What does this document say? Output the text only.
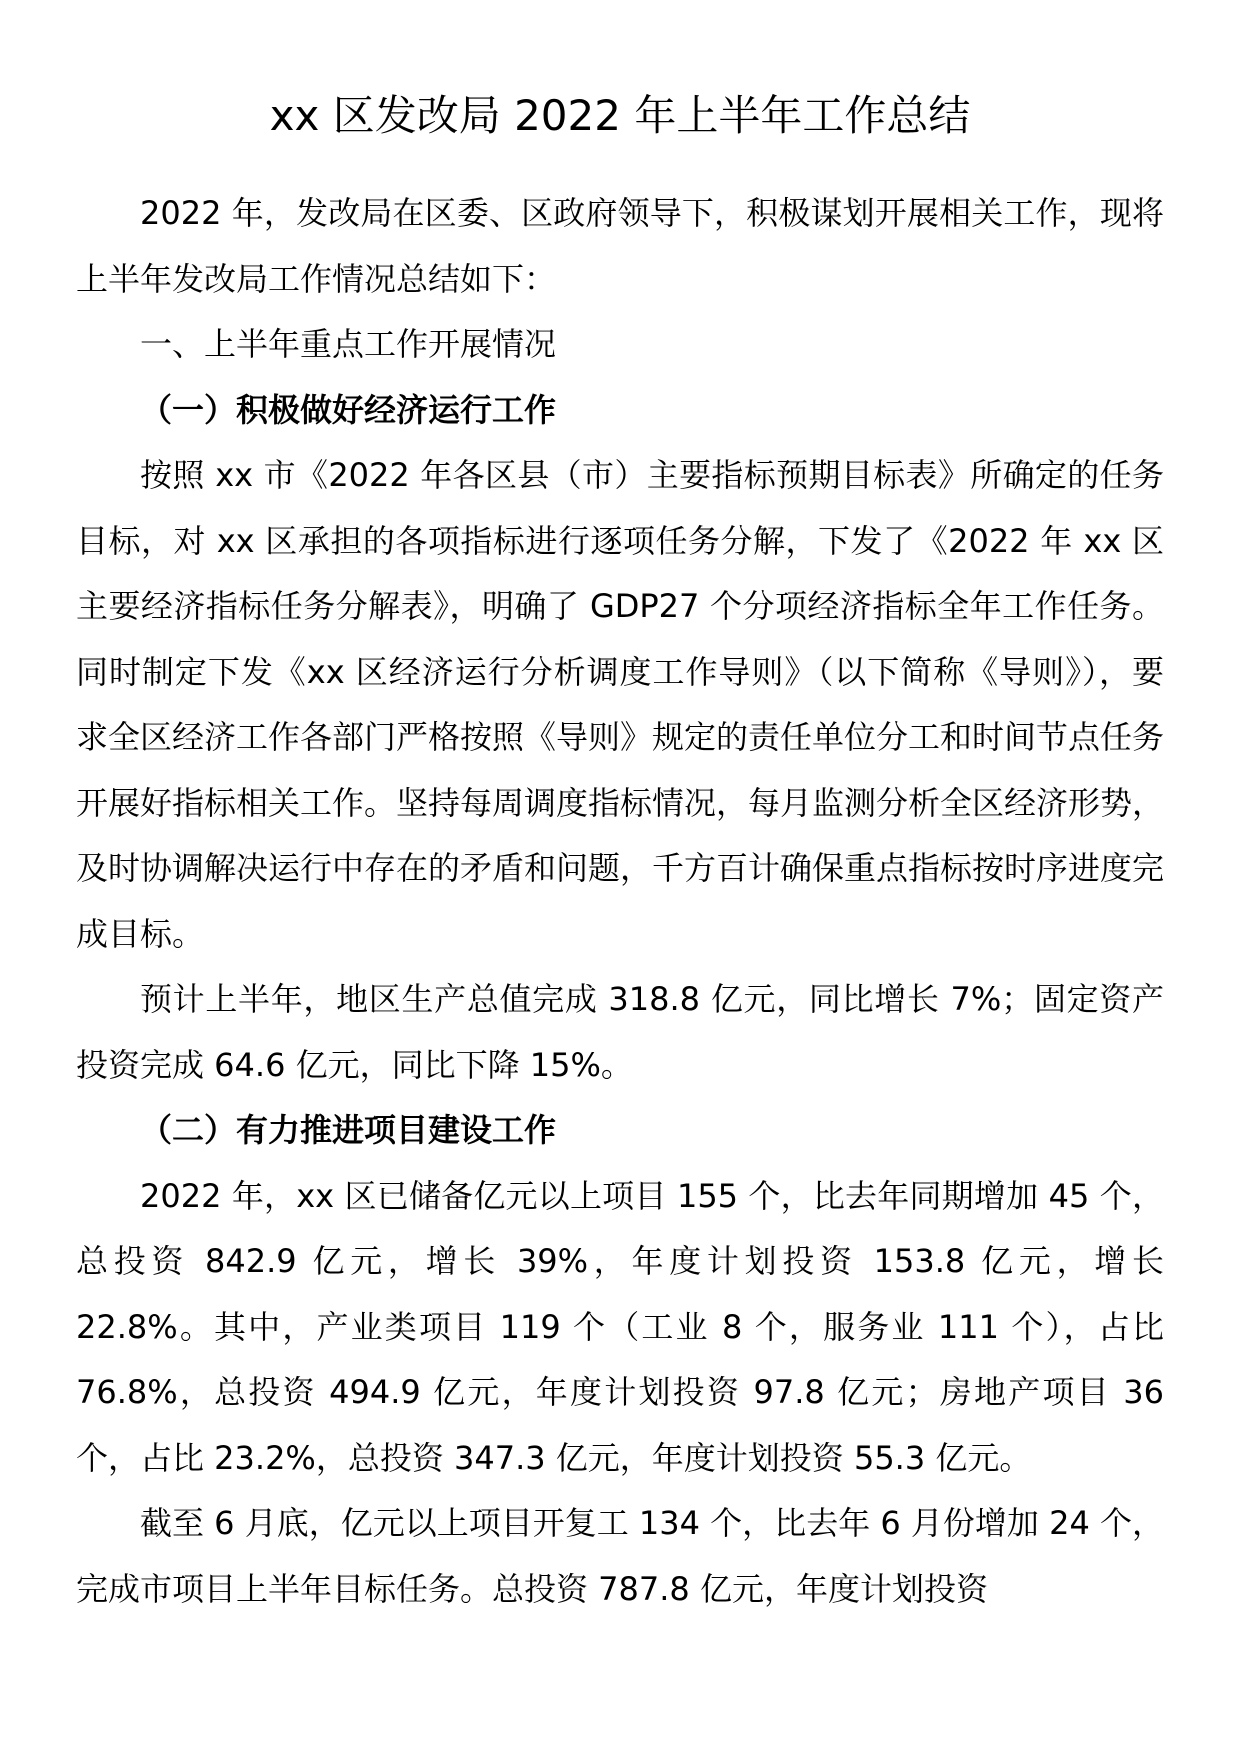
xx 区发改局 2022 年上半年工作总结

2022 年，发改局在区委、区政府领导下，积极谋划开展相关工作，现将上半年发改局工作情况总结如下：

一、上半年重点工作开展情况

（一）积极做好经济运行工作

按照 xx 市《2022 年各区县（市）主要指标预期目标表》所确定的任务目标，对 xx 区承担的各项指标进行逐项任务分解，下发了《2022 年 xx 区主要经济指标任务分解表》，明确了 GDP27 个分项经济指标全年工作任务。同时制定下发《xx 区经济运行分析调度工作导则》（以下简称《导则》），要求全区经济工作各部门严格按照《导则》规定的责任单位分工和时间节点任务开展好指标相关工作。坚持每周调度指标情况，每月监测分析全区经济形势，及时协调解决运行中存在的矛盾和问题，千方百计确保重点指标按时序进度完成目标。

预计上半年，地区生产总值完成 318.8 亿元，同比增长 7%；固定资产投资完成 64.6 亿元，同比下降 15%。

（二）有力推进项目建设工作

2022 年，xx 区已储备亿元以上项目 155 个，比去年同期增加 45 个，总投资 842.9 亿元，增长 39%，年度计划投资 153.8 亿元，增长 22.8%。其中，产业类项目 119 个（工业 8 个，服务业 111 个），占比 76.8%，总投资 494.9 亿元，年度计划投资 97.8 亿元；房地产项目 36 个，占比 23.2%，总投资 347.3 亿元，年度计划投资 55.3 亿元。

截至 6 月底，亿元以上项目开复工 134 个，比去年 6 月份增加 24 个，完成市项目上半年目标任务。总投资 787.8 亿元，年度计划投资
